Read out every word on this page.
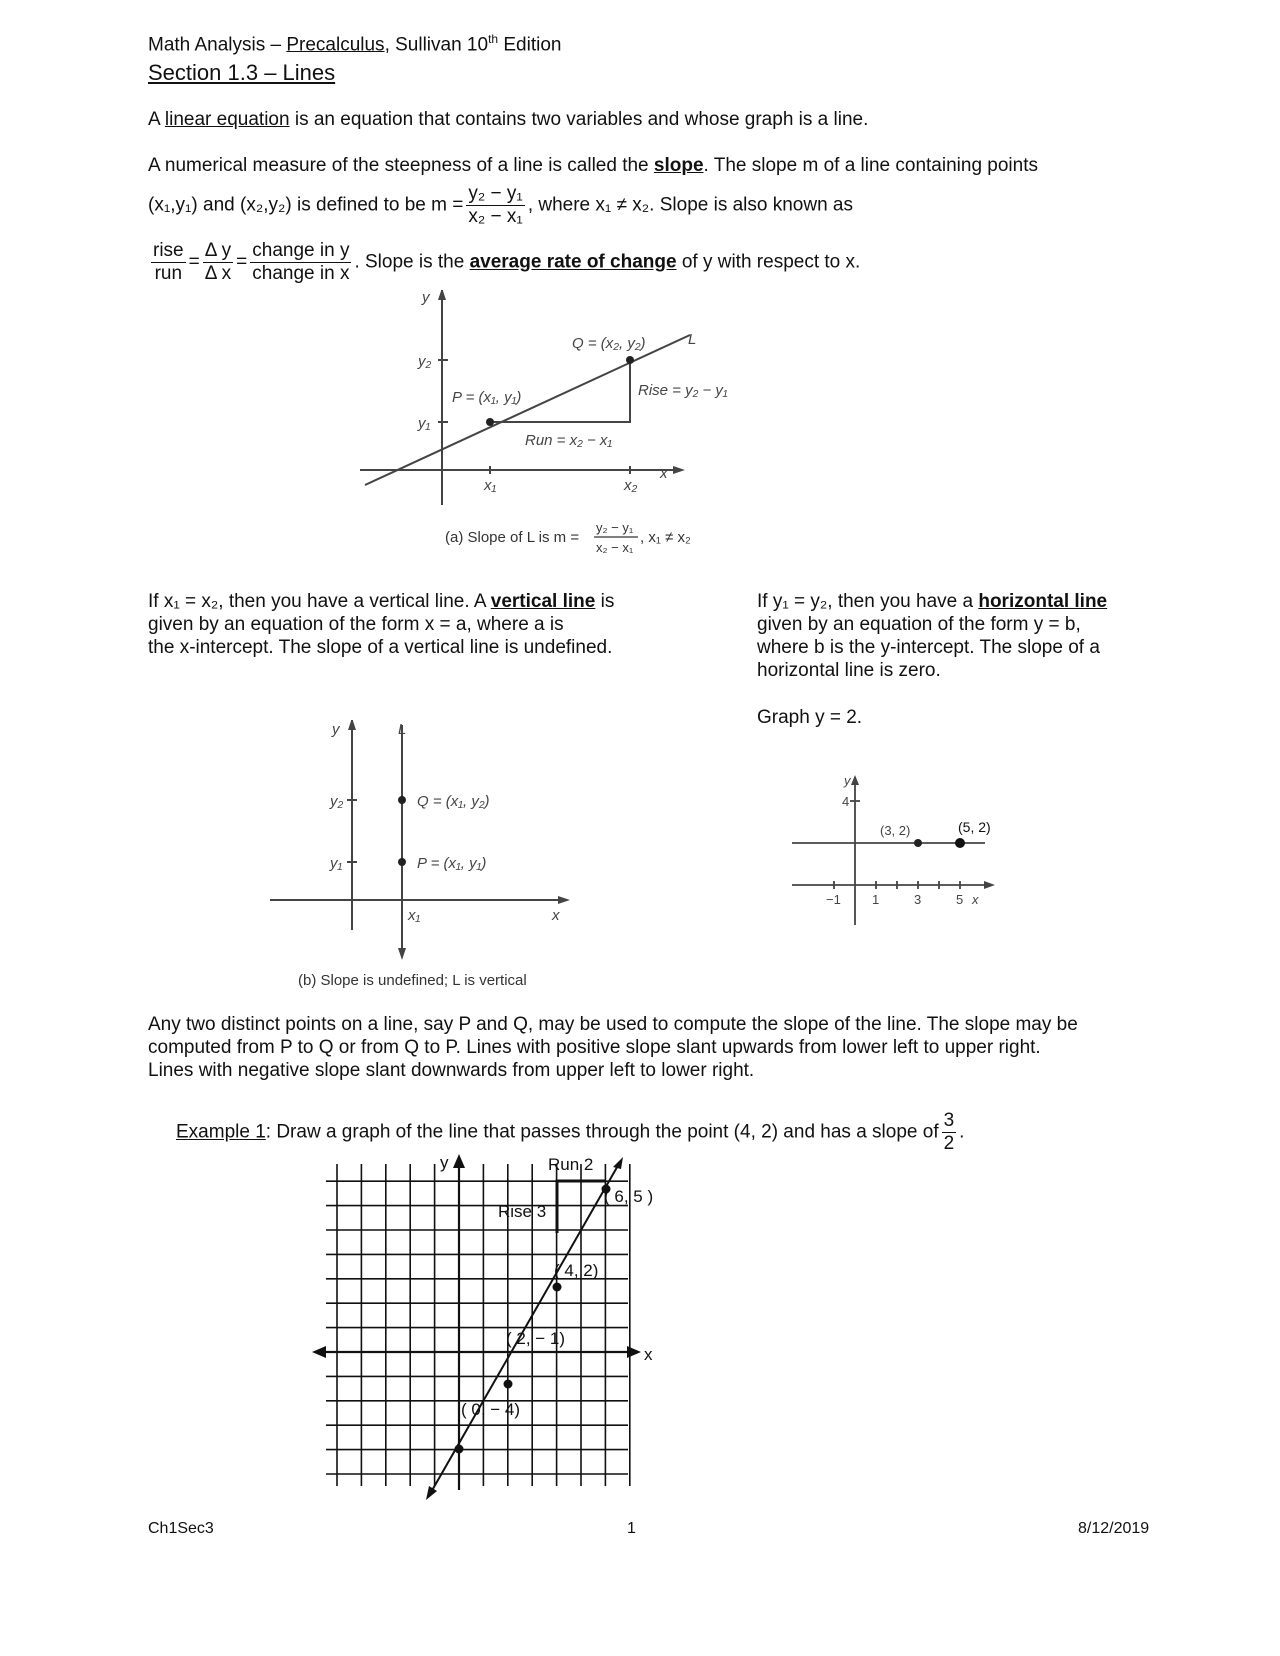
Math Analysis – Precalculus, Sullivan 10th Edition
Section 1.3 – Lines
A linear equation is an equation that contains two variables and whose graph is a line.
A numerical measure of the steepness of a line is called the slope. The slope m of a line containing points
(x₁,y₁) and (x₂,y₂) is defined to be $m = \frac{\text{y₂ − y₁}}{\text{x₂ − x₁}}$ , where x₁ ≠ x₂. Slope is also known as
$\frac{\text{rise}}{\text{run}} = \frac{\text{Δ y}}{\text{Δ x}} = \frac{\text{change in y}}{\text{change in x}}$ . Slope is the average rate of change of y with respect to x.
y
x
L
y₂
y₁
x₁	x₂
Q = (x₂, y₂)
P = (x₁, y₁)	Rise = y₂ − y₁
Run = x₂ − x₁
(a) Slope of L is m =
y₂ − y₁
x₂ − x₁
, x₁ ≠ x₂
If x₁ = x₂, then you have a vertical line. A vertical line is
given by an equation of the form x = a, where a is
the x-intercept. The slope of a vertical line is undefined.
If y₁ = y₂, then you have a horizontal line
given by an equation of the form y = b,
where b is the y-intercept. The slope of a
horizontal line is zero.
Graph y = 2.
y	L
y₂
y₁
x₁	x
Q = (x₁, y₂)
P = (x₁, y₁)
(b) Slope is undefined; L is vertical
y
4
−1 1	3	5 x
(3, 2)	(5, 2)
Any two distinct points on a line, say P and Q, may be used to compute the slope of the line. The slope may be
computed from P to Q or from Q to P. Lines with positive slope slant upwards from lower left to upper right.
Lines with negative slope slant downwards from upper left to lower right.
Example 1: Draw a graph of the line that passes through the point (4, 2) and has a slope of $\frac{3}{2}$ .
y
x
Run 2
Rise 3
( 6, 5 )
( 4, 2)
( 2, − 1)
( 0, − 4)
Ch1Sec3	1	8/12/2019
